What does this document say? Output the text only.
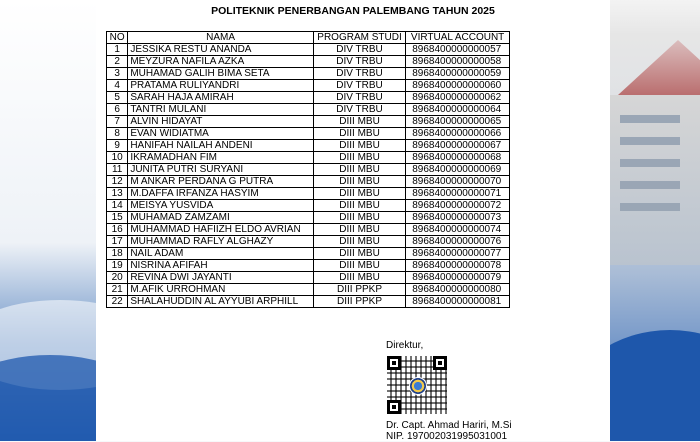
POLITEKNIK PENERBANGAN PALEMBANG TAHUN 2025
NO	NAMA	PROGRAM STUDI	VIRTUAL ACCOUNT
1	JESSIKA RESTU ANANDA	DIV TRBU	8968400000000057
2	MEYZURA NAFILA AZKA	DIV TRBU	8968400000000058
3	MUHAMAD GALIH BIMA SETA	DIV TRBU	8968400000000059
4	PRATAMA RULIYANDRI	DIV TRBU	8968400000000060
5	SARAH HAJA AMIRAH	DIV TRBU	8968400000000062
6	TANTRI MULANI	DIV TRBU	8968400000000064
7	ALVIN HIDAYAT	DIII MBU	8968400000000065
8	EVAN WIDIATMA	DIII MBU	8968400000000066
9	HANIFAH NAILAH ANDENI	DIII MBU	8968400000000067
10	IKRAMADHAN FIM	DIII MBU	8968400000000068
11	JUNITA PUTRI SURYANI	DIII MBU	8968400000000069
12	M ANKAR PERDANA G PUTRA	DIII MBU	8968400000000070
13	M.DAFFA IRFANZA HASYIM	DIII MBU	8968400000000071
14	MEISYA YUSVIDA	DIII MBU	8968400000000072
15	MUHAMAD ZAMZAMI	DIII MBU	8968400000000073
16	MUHAMMAD HAFIIZH ELDO AVRIAN	DIII MBU	8968400000000074
17	MUHAMMAD RAFLY ALGHAZY	DIII MBU	8968400000000076
18	NAIL ADAM	DIII MBU	8968400000000077
19	NISRINA AFIFAH	DIII MBU	8968400000000078
20	REVINA DWI JAYANTI	DIII MBU	8968400000000079
21	M.AFIK URROHMAN	DIII PPKP	8968400000000080
22	SHALAHUDDIN AL AYYUBI ARPHILL	DIII PPKP	8968400000000081
Direktur,
Dr. Capt. Ahmad Hariri, M.Si
NIP. 197002031995031001
